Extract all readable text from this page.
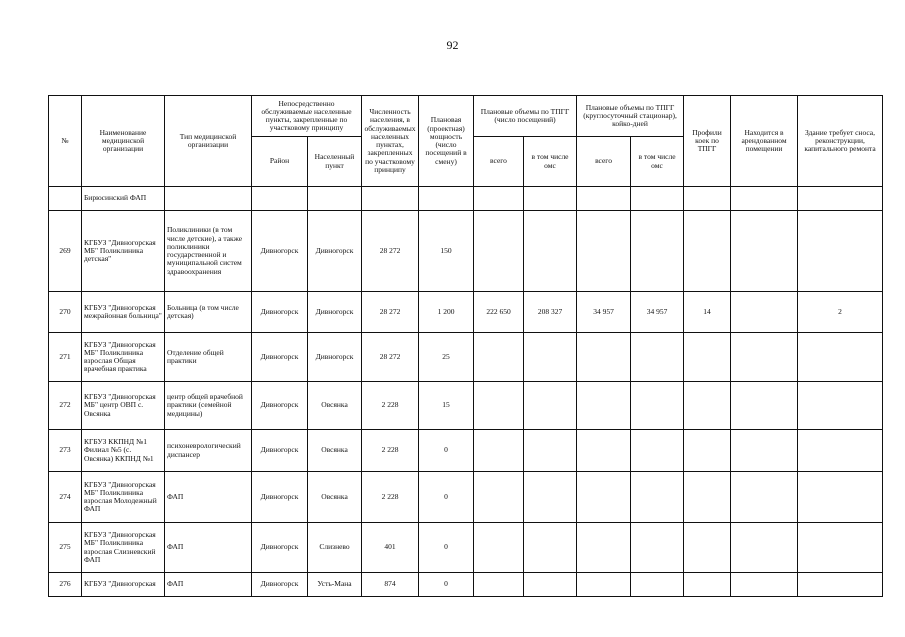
92
№	Наименование медицинской организации	Тип медицинской организации	Непосредственно обслуживаемые населенные пункты, закрепленные по участковому принципу		Численность населения, в обслуживаемых населенных пунктах, закрепленных по участковому принципу	Плановая (проектная) мощность (число посещений в смену)	Плановые объемы по ТПГГ (число посещений)		Плановые объемы по ТПГГ (круглосуточный стационар), койко-дней		Профили коек по ТПГГ	Находится в арендованном помещении	Здание требует сноса, реконструкции, капитального ремонта
			Район	Населенный пункт			всего	в том числе омс	всего	в том числе омс			
	Бирюсинский ФАП												
269	КГБУЗ "Дивногорская МБ" Поликлиника детская"	Поликлиники (в том числе детские), а также поликлиники государственной и муниципальной систем здравоохранения	Дивногорск	Дивногорск	28 272	150							
270	КГБУЗ "Дивногорская межрайонная больница"	Больница (в том числе детская)	Дивногорск	Дивногорск	28 272	1 200	222 650	208 327	34 957	34 957	14		2
271	КГБУЗ "Дивногорская МБ" Поликлиника взрослая Общая врачебная практика	Отделение общей практики	Дивногорск	Дивногорск	28 272	25							
272	КГБУЗ "Дивногорская МБ" центр ОВП с. Овсянка	центр общей врачебной практики (семейной медицины)	Дивногорск	Овсянка	2 228	15							
273	КГБУЗ ККПНД №1 Филиал №5 (с. Овсянка) ККПНД №1	психоневрологический диспансер	Дивногорск	Овсянка	2 228	0							
274	КГБУЗ "Дивногорская МБ" Поликлиника взрослая Молодежный ФАП	ФАП	Дивногорск	Овсянка	2 228	0							
275	КГБУЗ "Дивногорская МБ" Поликлиника взрослая Слизневский ФАП	ФАП	Дивногорск	Слизнево	401	0							
276	КГБУЗ "Дивногорская	ФАП	Дивногорск	Усть-Мана	874	0							
